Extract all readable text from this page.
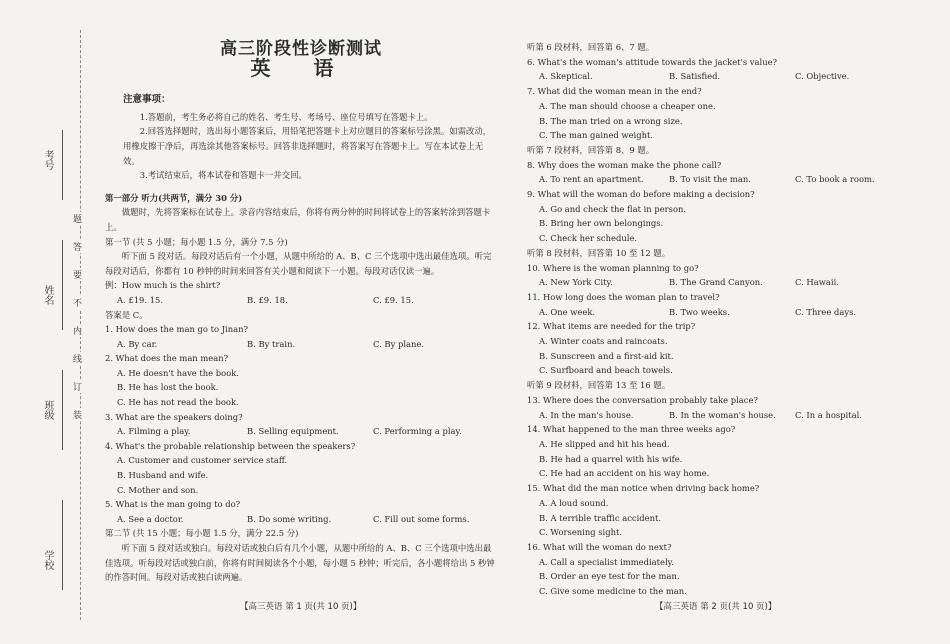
考号
姓名
班级
学校
题
答
要
不
内
线
订
装
高三阶段性诊断测试
英 语
注意事项：

1.答题前，考生务必将自己的姓名、考生号、考场号、座位号填写在答题卡上。

2.回答选择题时，选出每小题答案后，用铅笔把答题卡上对应题目的答案标号涂黑。如需改动，用橡皮擦干净后，再选涂其他答案标号。回答非选择题时，将答案写在答题卡上。写在本试卷上无效。

3.考试结束后，将本试卷和答题卡一并交回。

第一部分 听力(共两节，满分 30 分)

做题时，先将答案标在试卷上。录音内容结束后，你将有两分钟的时间将试卷上的答案转涂到答题卡上。

第一节 (共 5 小题；每小题 1.5 分，满分 7.5 分)

听下面 5 段对话。每段对话后有一个小题，从题中所给的 A、B、C 三个选项中选出最佳选项。听完每段对话后，你都有 10 秒钟的时间来回答有关小题和阅读下一小题。每段对话仅读一遍。

例：How much is the shirt?
A. £19. 15.	B. £9. 18.	C. £9. 15.
答案是 C。
1. How does the man go to Jinan?
A. By car.	B. By train.	C. By plane.
2. What does the man mean?
A. He doesn't have the book.
B. He has lost the book.
C. He has not read the book.
3. What are the speakers doing?
A. Filming a play.	B. Selling equipment.	C. Performing a play.
4. What's the probable relationship between the speakers?
A. Customer and customer service staff.
B. Husband and wife.
C. Mother and son.
5. What is the man going to do?
A. See a doctor.	B. Do some writing.	C. Fill out some forms.
第二节 (共 15 小题；每小题 1.5 分，满分 22.5 分)

听下面 5 段对话或独白。每段对话或独白后有几个小题，从题中所给的 A、B、C 三个选项中选出最佳选项。听每段对话或独白前，你将有时间阅读各个小题，每小题 5 秒钟；听完后，各小题将给出 5 秒钟的作答时间。每段对话或独白读两遍。

【高三英语 第 1 页(共 10 页)】
听第 6 段材料，回答第 6、7 题。
6. What's the woman's attitude towards the jacket's value?
A. Skeptical.	B. Satisfied.	C. Objective.
7. What did the woman mean in the end?
A. The man should choose a cheaper one.
B. The man tried on a wrong size.
C. The man gained weight.
听第 7 段材料，回答第 8、9 题。
8. Why does the woman make the phone call?
A. To rent an apartment.	B. To visit the man.	C. To book a room.
9. What will the woman do before making a decision?
A. Go and check the flat in person.
B. Bring her own belongings.
C. Check her schedule.
听第 8 段材料，回答第 10 至 12 题。
10. Where is the woman planning to go?
A. New York City.	B. The Grand Canyon.	C. Hawaii.
11. How long does the woman plan to travel?
A. One week.	B. Two weeks.	C. Three days.
12. What items are needed for the trip?
A. Winter coats and raincoats.
B. Sunscreen and a first-aid kit.
C. Surfboard and beach towels.
听第 9 段材料，回答第 13 至 16 题。
13. Where does the conversation probably take place?
A. In the man's house.	B. In the woman's house.	C. In a hospital.
14. What happened to the man three weeks ago?
A. He slipped and hit his head.
B. He had a quarrel with his wife.
C. He had an accident on his way home.
15. What did the man notice when driving back home?
A. A loud sound.
B. A terrible traffic accident.
C. Worsening sight.
16. What will the woman do next?
A. Call a specialist immediately.
B. Order an eye test for the man.
C. Give some medicine to the man.
【高三英语 第 2 页(共 10 页)】
